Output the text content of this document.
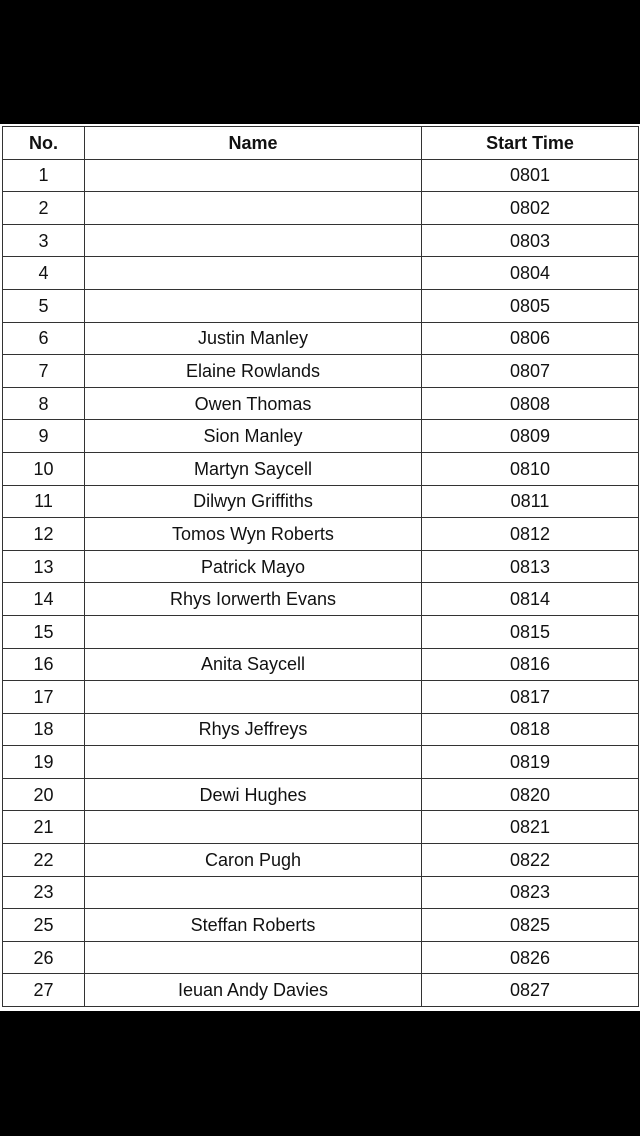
No.	Name	Start Time
1		0801
2		0802
3		0803
4		0804
5		0805
6	Justin Manley	0806
7	Elaine Rowlands	0807
8	Owen Thomas	0808
9	Sion Manley	0809
10	Martyn Saycell	0810
11	Dilwyn Griffiths	0811
12	Tomos Wyn Roberts	0812
13	Patrick Mayo	0813
14	Rhys Iorwerth Evans	0814
15		0815
16	Anita Saycell	0816
17		0817
18	Rhys Jeffreys	0818
19		0819
20	Dewi Hughes	0820
21		0821
22	Caron Pugh	0822
23		0823
25	Steffan Roberts	0825
26		0826
27	Ieuan Andy Davies	0827
